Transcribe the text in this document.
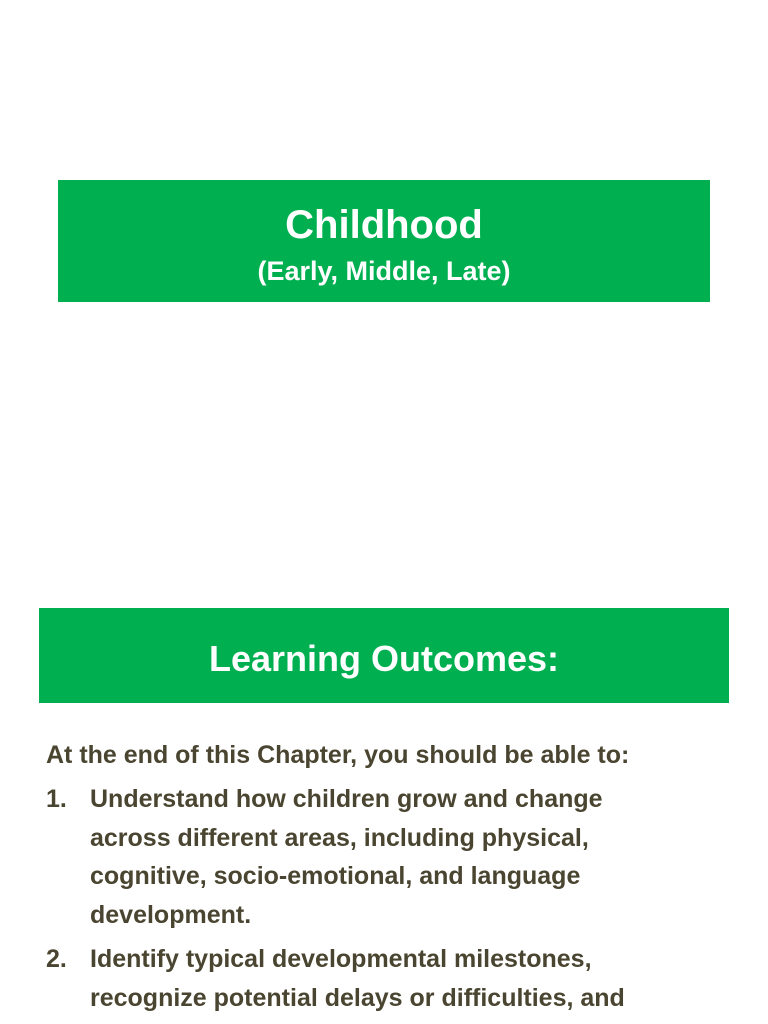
Childhood
(Early, Middle, Late)
Learning Outcomes:
At the end of this Chapter, you should be able to:
1. Understand how children grow and change
across different areas, including physical,
cognitive, socio-emotional, and language
development.
2. Identify typical developmental milestones,
recognize potential delays or difficulties, and
